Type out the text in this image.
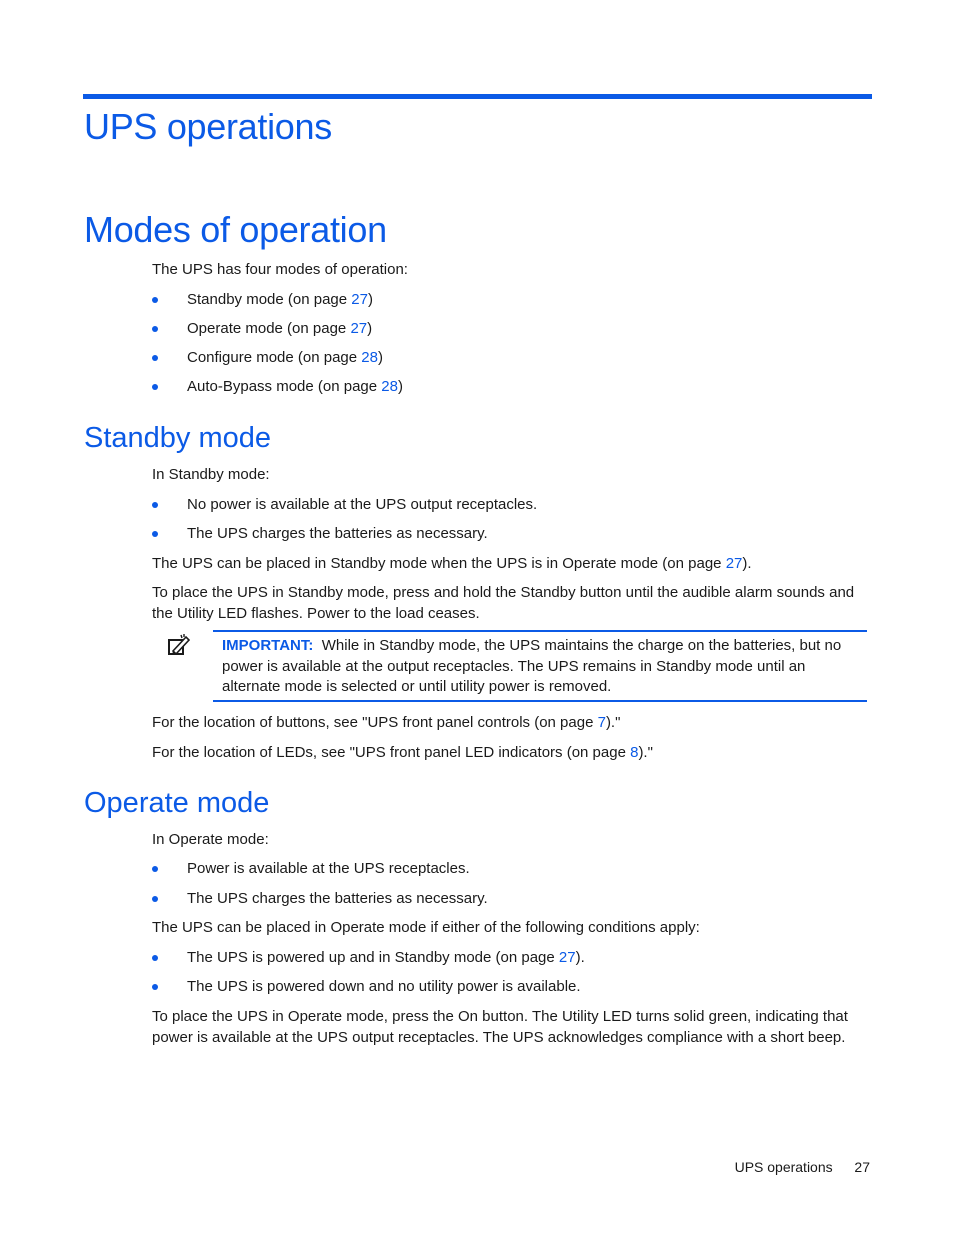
UPS operations
Modes of operation

The UPS has four modes of operation:

Standby mode (on page 27)
Operate mode (on page 27)
Configure mode (on page 28)
Auto-Bypass mode (on page 28)
Standby mode

In Standby mode:

No power is available at the UPS output receptacles.
The UPS charges the batteries as necessary.

The UPS can be placed in Standby mode when the UPS is in Operate mode (on page 27).

To place the UPS in Standby mode, press and hold the Standby button until the audible alarm sounds and the Utility LED flashes. Power to the load ceases.

IMPORTANT: While in Standby mode, the UPS maintains the charge on the batteries, but no power is available at the output receptacles. The UPS remains in Standby mode until an alternate mode is selected or until utility power is removed.

For the location of buttons, see "UPS front panel controls (on page 7)."

For the location of LEDs, see "UPS front panel LED indicators (on page 8)."

Operate mode

In Operate mode:

Power is available at the UPS receptacles.
The UPS charges the batteries as necessary.

The UPS can be placed in Operate mode if either of the following conditions apply:

The UPS is powered up and in Standby mode (on page 27).
The UPS is powered down and no utility power is available.

To place the UPS in Operate mode, press the On button. The Utility LED turns solid green, indicating that power is available at the UPS output receptacles. The UPS acknowledges compliance with a short beep.

UPS operations 27
